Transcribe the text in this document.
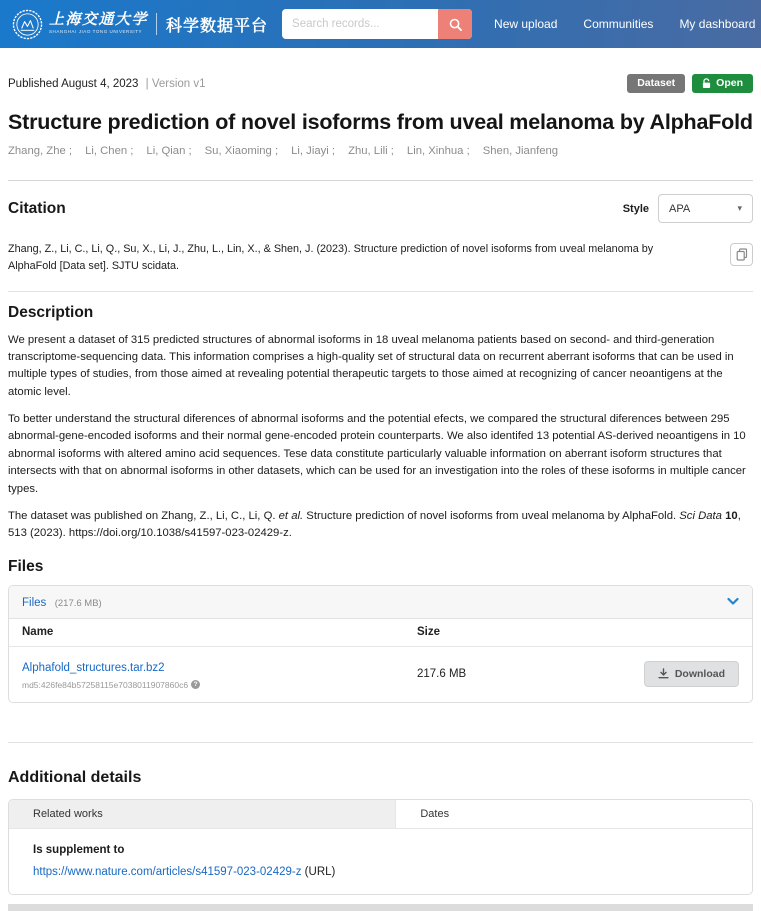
上海交通大学
SHANGHAI JIAO TONG UNIVERSITY	科学数据平台
Search records...	New upload Communities My dashboard
Published August 4, 2023 | Version v1	Dataset	Open
Structure prediction of novel isoforms from uveal melanoma by AlphaFold
Zhang, Zhe ; Li, Chen ; Li, Qian ; Su, Xiaoming ; Li, Jiayi ; Zhu, Lili ; Lin, Xinhua ; Shen, Jianfeng
Citation	Style APA	▾
Zhang, Z., Li, C., Li, Q., Su, X., Li, J., Zhu, L., Lin, X., & Shen, J. (2023). Structure prediction of novel isoforms from uveal melanoma by AlphaFold [Data set]. SJTU scidata.
Description

We present a dataset of 315 predicted structures of abnormal isoforms in 18 uveal melanoma patients based on second- and third-generation transcriptome-sequencing data. This information comprises a high-quality set of structural data on recurrent aberrant isoforms that can be used in multiple types of studies, from those aimed at revealing potential therapeutic targets to those aimed at recognizing of cancer neoantigens at the atomic level.

To better understand the structural diferences of abnormal isoforms and the potential efects, we compared the structural diferences between 295 abnormal-gene-encoded isoforms and their normal gene-encoded protein counterparts. We also identifed 13 potential AS-derived neoantigens in 10 abnormal isoforms with altered amino acid sequences. Tese data constitute particularly valuable information on aberrant isoform structures that intersects with that on abnormal isoforms in other datasets, which can be used for an investigation into the roles of these isoforms in multiple cancer types.

The dataset was published on Zhang, Z., Li, C., Li, Q. et al. Structure prediction of novel isoforms from uveal melanoma by AlphaFold. Sci Data 10, 513 (2023). https://doi.org/10.1038/s41597-023-02429-z.

Files
Files (217.6 MB)
Name	Size
Alphafold_structures.tar.bz2
md5:426fe84b57258115e7038011907860c6 ?
217.6 MB	Download
Additional details
Related works	Dates
Is supplement to
https://www.nature.com/articles/s41597-023-02429-z (URL)
